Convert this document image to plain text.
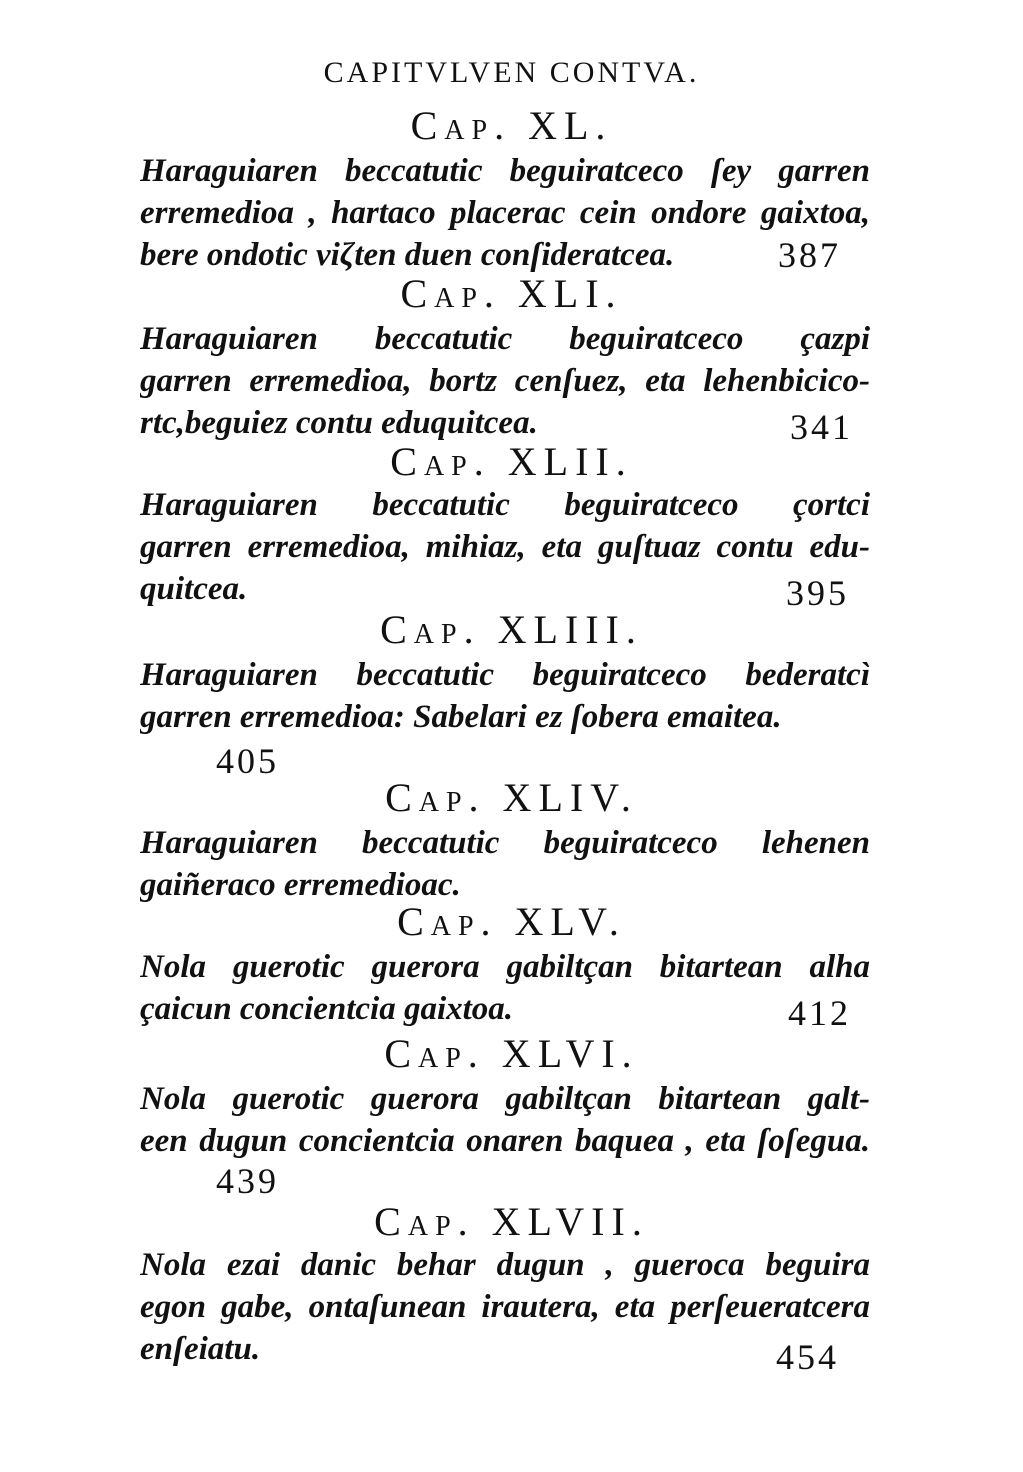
CAPITVLVEN CONTVA.
Cap. XL.
Haraguiaren beccatutic beguiratceco ſey garren
erremedioa , hartaco placerac cein ondore gaixtoa,
bere ondotic viζten duen conſideratcea.	387
Cap. XLI.
Haraguiaren beccatutic beguiratceco çazpi
garren erremedioa, bortz cenſuez, eta lehenbicico-
rtc,beguiez contu eduquitcea.	341
Cap. XLII.
Haraguiaren beccatutic beguiratceco çortci
garren erremedioa, mihiaz, eta guſtuaz contu edu-
quitcea.	395
Cap. XLIII.
Haraguiaren beccatutic beguiratceco bederatcì
garren erremedioa: Sabelari ez ſobera emaitea.
405
Cap. XLIV.
Haraguiaren beccatutic beguiratceco lehenen
gaiñeraco erremedioac.
Cap. XLV.
Nola guerotic guerora gabiltçan bitartean alha
çaicun concientcia gaixtoa.	412
Cap. XLVI.
Nola guerotic guerora gabiltçan bitartean galt-
een dugun concientcia onaren baquea , eta ſoſegua.
439
Cap. XLVII.
Nola ezai danic behar dugun , gueroca beguira
egon gabe, ontaſunean irautera, eta perſeueratcera
enſeiatu.	454
